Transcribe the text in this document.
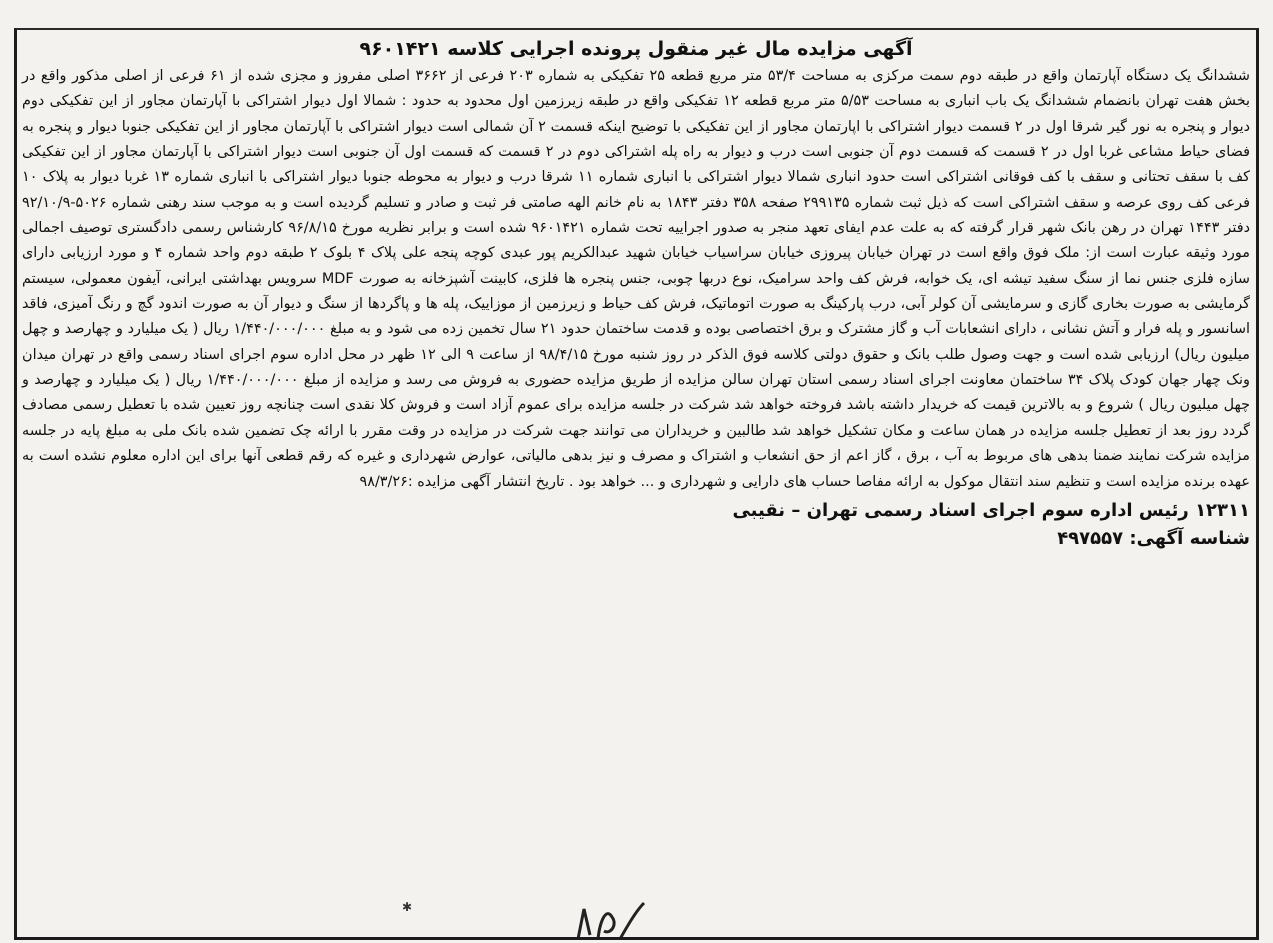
آگهی مزایده مال غیر منقول پرونده اجرایی کلاسه ۹۶۰۱۴۲۱

ششدانگ یک دستگاه آپارتمان واقع در طبقه دوم سمت مرکزی به مساحت ۵۳/۴ متر مربع قطعه ۲۵ تفکیکی به شماره ۲۰۳ فرعی از ۳۶۶۲ اصلی مفروز و مجزی شده از ۶۱ فرعی از اصلی مذکور واقع در بخش هفت تهران بانضمام ششدانگ یک باب انباری به مساحت ۵/۵۳ متر مربع قطعه ۱۲ تفکیکی واقع در طبقه زیرزمین اول محدود به حدود : شمالا اول دیوار اشتراکی با آپارتمان مجاور از این تفکیکی دوم دیوار و پنجره به نور گیر شرقا اول در ۲ قسمت دیوار اشتراکی با اپارتمان مجاور از این تفکیکی با توضیح اینکه قسمت ۲ آن شمالی است دیوار اشتراکی با آپارتمان مجاور از این تفکیکی جنوبا دیوار و پنجره به فضای حیاط مشاعی غربا اول در ۲ قسمت که قسمت دوم آن جنوبی است درب و دیوار به راه پله اشتراکی دوم در ۲ قسمت که قسمت اول آن جنوبی است دیوار اشتراکی با آپارتمان مجاور از این تفکیکی کف با سقف تحتانی و سقف با کف فوقانی اشتراکی است حدود انباری شمالا دیوار اشتراکی با انباری شماره ۱۱ شرقا درب و دیوار به محوطه جنوبا دیوار اشتراکی با انباری شماره ۱۳ غربا دیوار به پلاک ۱۰ فرعی کف روی عرصه و سقف اشتراکی است که ذیل ثبت شماره ۲۹۹۱۳۵ صفحه ۳۵۸ دفتر ۱۸۴۳ به نام خانم الهه صامتی فر ثبت و صادر و تسلیم گردیده است و به موجب سند رهنی شماره ۵۰۲۶-۹۲/۱۰/۹ دفتر ۱۴۴۳ تهران در رهن بانک شهر قرار گرفته که به علت عدم ایفای تعهد منجر به صدور اجراییه تحت شماره ۹۶۰۱۴۲۱ شده است و برابر نظریه مورخ ۹۶/۸/۱۵ کارشناس رسمی دادگستری توصیف اجمالی مورد وثیقه عبارت است از: ملک فوق واقع است در تهران خیابان پیروزی خیابان سراسیاب خیابان شهید عبدالکریم پور عبدی کوچه پنجه علی پلاک ۴ بلوک ۲ طبقه دوم واحد شماره ۴ و مورد ارزیابی دارای سازه فلزی جنس نما از سنگ سفید تیشه ای، یک خوابه، فرش کف واحد سرامیک، نوع دربها چوبی، جنس پنجره ها فلزی، کابینت آشپزخانه به صورت MDF سرویس بهداشتی ایرانی، آیفون معمولی، سیستم گرمایشی به صورت بخاری گازی و سرمایشی آن کولر آبی، درب پارکینگ به صورت اتوماتیک، فرش کف حیاط و زیرزمین از موزاییک، پله ها و پاگردها از سنگ و دیوار آن به صورت اندود گچ و رنگ آمیزی، فاقد اسانسور و پله فرار و آتش نشانی ، دارای انشعابات آب و گاز مشترک و برق اختصاصی بوده و قدمت ساختمان حدود ۲۱ سال تخمین زده می شود و به مبلغ ۱/۴۴۰/۰۰۰/۰۰۰ ریال ( یک میلیارد و چهارصد و چهل میلیون ریال) ارزیابی شده است و جهت وصول طلب بانک و حقوق دولتی کلاسه فوق الذکر در روز شنبه مورخ ۹۸/۴/۱۵ از ساعت ۹ الی ۱۲ ظهر در محل اداره سوم اجرای اسناد رسمی واقع در تهران میدان ونک چهار جهان کودک پلاک ۳۴ ساختمان معاونت اجرای اسناد رسمی استان تهران سالن مزایده از طریق مزایده حضوری به فروش می رسد و مزایده از مبلغ ۱/۴۴۰/۰۰۰/۰۰۰ ریال ( یک میلیارد و چهارصد و چهل میلیون ریال ) شروع و به بالاترین قیمت که خریدار داشته باشد فروخته خواهد شد شرکت در جلسه مزایده برای عموم آزاد است و فروش کلا نقدی است چنانچه روز تعیین شده با تعطیل رسمی مصادف گردد روز بعد از تعطیل جلسه مزایده در همان ساعت و مکان تشکیل خواهد شد طالبین و خریداران می توانند جهت شرکت در مزایده در وقت مقرر با ارائه چک تضمین شده بانک ملی به مبلغ پایه در جلسه مزایده شرکت نمایند ضمنا بدهی های مربوط به آب ، برق ، گاز اعم از حق انشعاب و اشتراک و مصرف و نیز بدهی مالیاتی، عوارض شهرداری و غیره که رقم قطعی آنها برای این اداره معلوم نشده است به عهده برنده مزایده است و تنظیم سند انتقال موکول به ارائه مفاصا حساب های دارایی و شهرداری و ... خواهد بود . تاریخ انتشار آگهی مزایده :۹۸/۳/۲۶

۱۲۳۱۱ رئیس اداره سوم اجرای اسناد رسمی تهران – نقیبی

شناسه آگهی: ۴۹۷۵۵۷

✱
